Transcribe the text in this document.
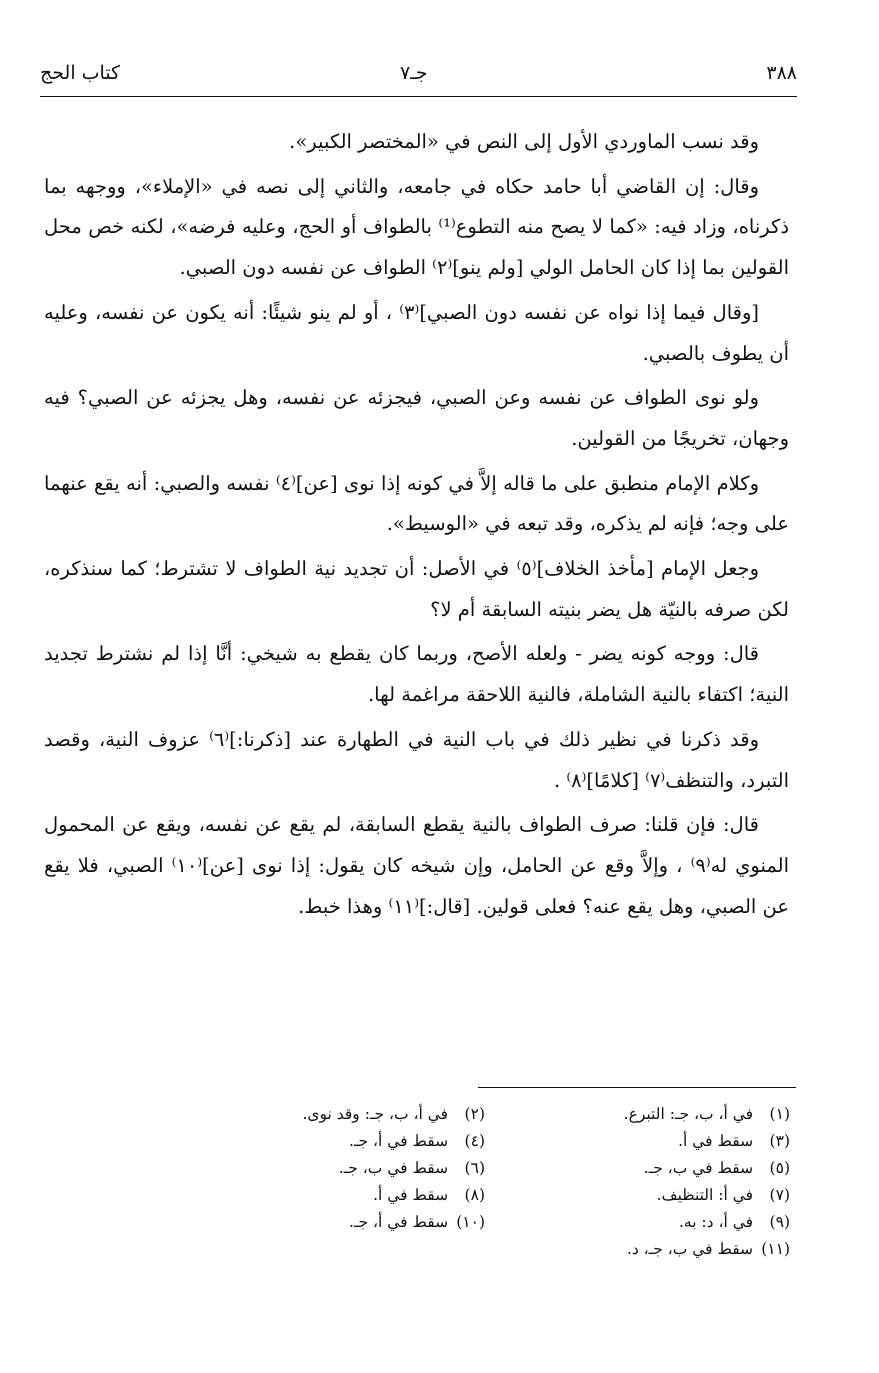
٣٨٨
جـ٧
كتاب الحج

وقد نسب الماوردي الأول إلى النص في «المختصر الكبير».

وقال: إن القاضي أبا حامد حكاه في جامعه، والثاني إلى نصه في «الإملاء»، ووجهه بما ذكرناه، وزاد فيه: «كما لا يصح منه التطوع⁽¹⁾ بالطواف أو الحج، وعليه فرضه»، لكنه خص محل القولين بما إذا كان الحامل الولي [ولم ينو]⁽٢⁾ الطواف عن نفسه دون الصبي.

[وقال فيما إذا نواه عن نفسه دون الصبي]⁽٣⁾ ، أو لم ينو شيئًا: أنه يكون عن نفسه، وعليه أن يطوف بالصبي.

ولو نوى الطواف عن نفسه وعن الصبي، فيجزئه عن نفسه، وهل يجزئه عن الصبي؟ فيه وجهان، تخريجًا من القولين.

وكلام الإمام منطبق على ما قاله إلاَّ في كونه إذا نوى [عن]⁽٤⁾ نفسه والصبي: أنه يقع عنهما على وجه؛ فإنه لم يذكره، وقد تبعه في «الوسيط».

وجعل الإمام [مأخذ الخلاف]⁽٥⁾ في الأصل: أن تجديد نية الطواف لا تشترط؛ كما سنذكره، لكن صرفه بالنيّة هل يضر بنيته السابقة أم لا؟

قال: ووجه كونه يضر - ولعله الأصح، وربما كان يقطع به شيخي: أنَّا إذا لم نشترط تجديد النية؛ اكتفاء بالنية الشاملة، فالنية اللاحقة مراغمة لها.

وقد ذكرنا في نظير ذلك في باب النية في الطهارة عند [ذكرنا:]⁽٦⁾ عزوف النية، وقصد التبرد، والتنظف⁽٧⁾ [كلامًا]⁽٨⁾ .

قال: فإن قلنا: صرف الطواف بالنية يقطع السابقة، لم يقع عن نفسه، ويقع عن المحمول المنوي له⁽٩⁾ ، وإلاَّ وقع عن الحامل، وإن شيخه كان يقول: إذا نوى [عن]⁽١٠⁾ الصبي، فلا يقع عن الصبي، وهل يقع عنه؟ فعلى قولين. [قال:]⁽١١⁾ وهذا خبط.

(١) في أ، ب، جـ: التبرع.
(٢) في أ، ب، جـ: وقد نوى.
(٣) سقط في أ.
(٤) سقط في أ، جـ.
(٥) سقط في ب، جـ.
(٦) سقط في ب، جـ.
(٧) في أ: التنظيف.
(٨) سقط في أ.
(٩) في أ، د: به.
(١٠) سقط في أ، جـ.
(١١) سقط في ب، جـ، د.
